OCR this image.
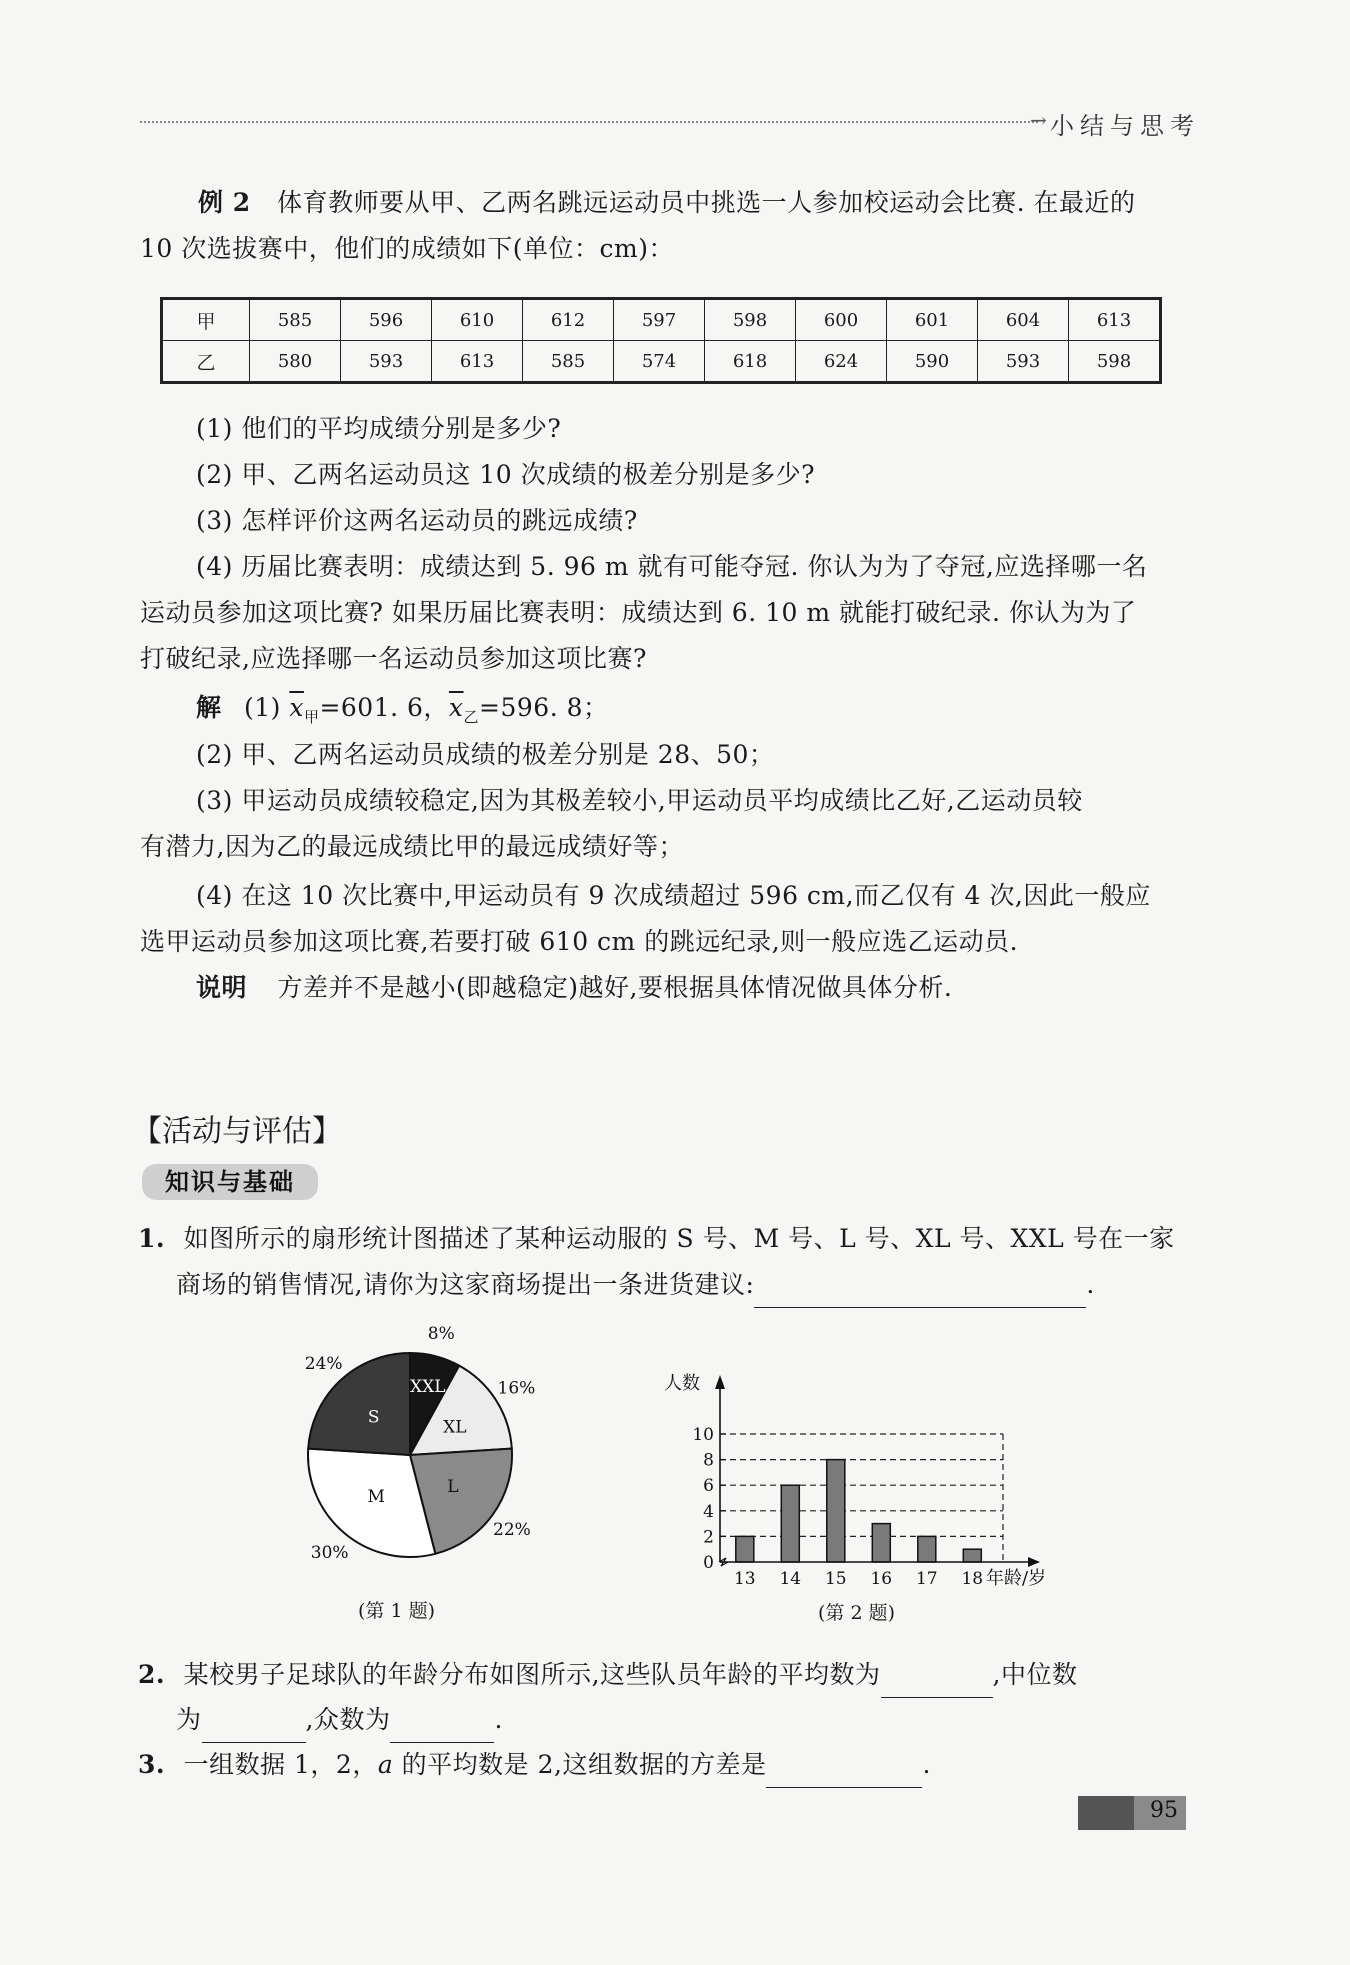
→ 小结与思考
例 2 体育教师要从甲、乙两名跳远运动员中挑选一人参加校运动会比赛. 在最近的
10 次选拔赛中，他们的成绩如下(单位：cm)：
甲	585	596	610	612	597	598	600	601	604	613
乙	580	593	613	585	574	618	624	590	593	598
(1) 他们的平均成绩分别是多少?
(2) 甲、乙两名运动员这 10 次成绩的极差分别是多少?
(3) 怎样评价这两名运动员的跳远成绩?
(4) 历届比赛表明：成绩达到 5. 96 m 就有可能夺冠. 你认为为了夺冠,应选择哪一名
运动员参加这项比赛? 如果历届比赛表明：成绩达到 6. 10 m 就能打破纪录. 你认为为了
打破纪录,应选择哪一名运动员参加这项比赛?
解 (1) $\overline{x}_甲=601$. 6，$\overline{x}_乙=596$. 8；
(2) 甲、乙两名运动员成绩的极差分别是 28、50；
(3) 甲运动员成绩较稳定,因为其极差较小,甲运动员平均成绩比乙好,乙运动员较
有潜力,因为乙的最远成绩比甲的最远成绩好等；
(4) 在这 10 次比赛中,甲运动员有 9 次成绩超过 596 cm,而乙仅有 4 次,因此一般应
选甲运动员参加这项比赛,若要打破 610 cm 的跳远纪录,则一般应选乙运动员.
说明 方差并不是越小(即越稳定)越好,要根据具体情况做具体分析.
【活动与评估】
知识与基础
1. 如图所示的扇形统计图描述了某种运动服的 S 号、M 号、L 号、XL 号、XXL 号在一家
商场的销售情况,请你为这家商场提出一条进货建议:	.
XXL
8%
XL
16%
L
22%
M
30%
S
24%
(第 1 题)
13 14 15 16 17 18
0
2
4
6
8
10
人数
年龄/岁
(第 2 题)
2. 某校男子足球队的年龄分布如图所示,这些队员年龄的平均数为	,中位数
为	,众数为	.
3. 一组数据 1，2，a 的平均数是 2,这组数据的方差是	.
95
